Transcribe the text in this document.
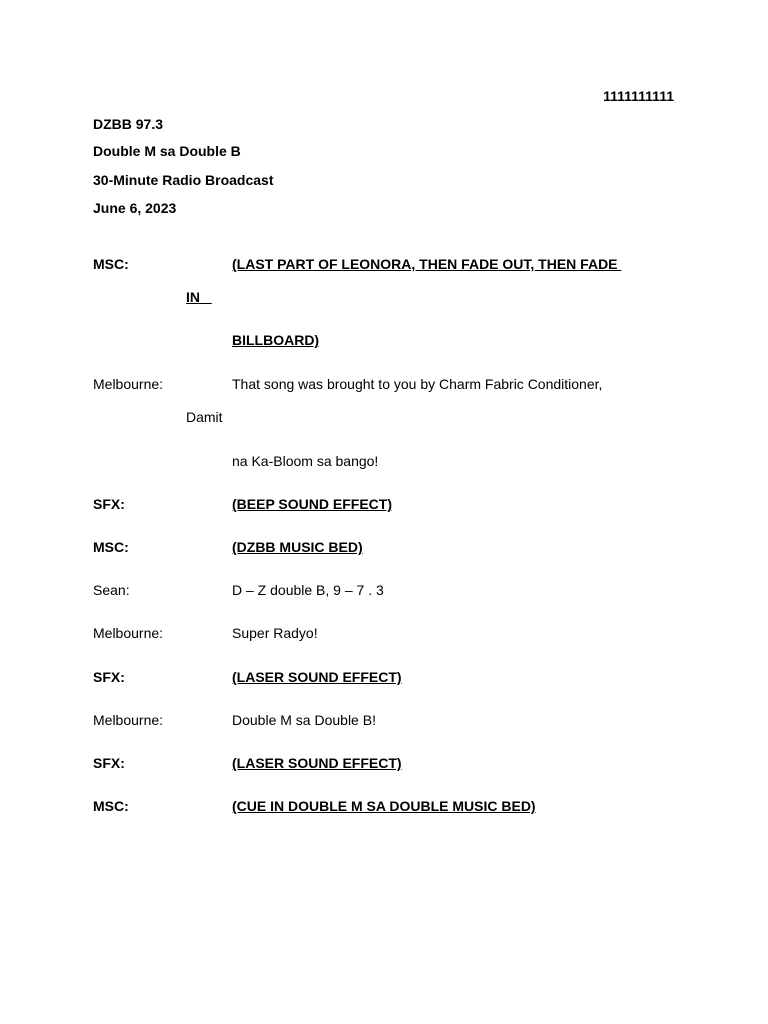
1111111111
DZBB 97.3
Double M sa Double B
30-Minute Radio Broadcast
June 6, 2023
MSC:	(LAST PART OF LEONORA, THEN FADE OUT, THEN FADE
IN
BILLBOARD)
Melbourne:	That song was brought to you by Charm Fabric Conditioner,
Damit
na Ka-Bloom sa bango!
SFX:	(BEEP SOUND EFFECT)
MSC:	(DZBB MUSIC BED)
Sean:	D – Z double B, 9 – 7 . 3
Melbourne:	Super Radyo!
SFX:	(LASER SOUND EFFECT)
Melbourne:	Double M sa Double B!
SFX:	(LASER SOUND EFFECT)
MSC:	(CUE IN DOUBLE M SA DOUBLE MUSIC BED)
